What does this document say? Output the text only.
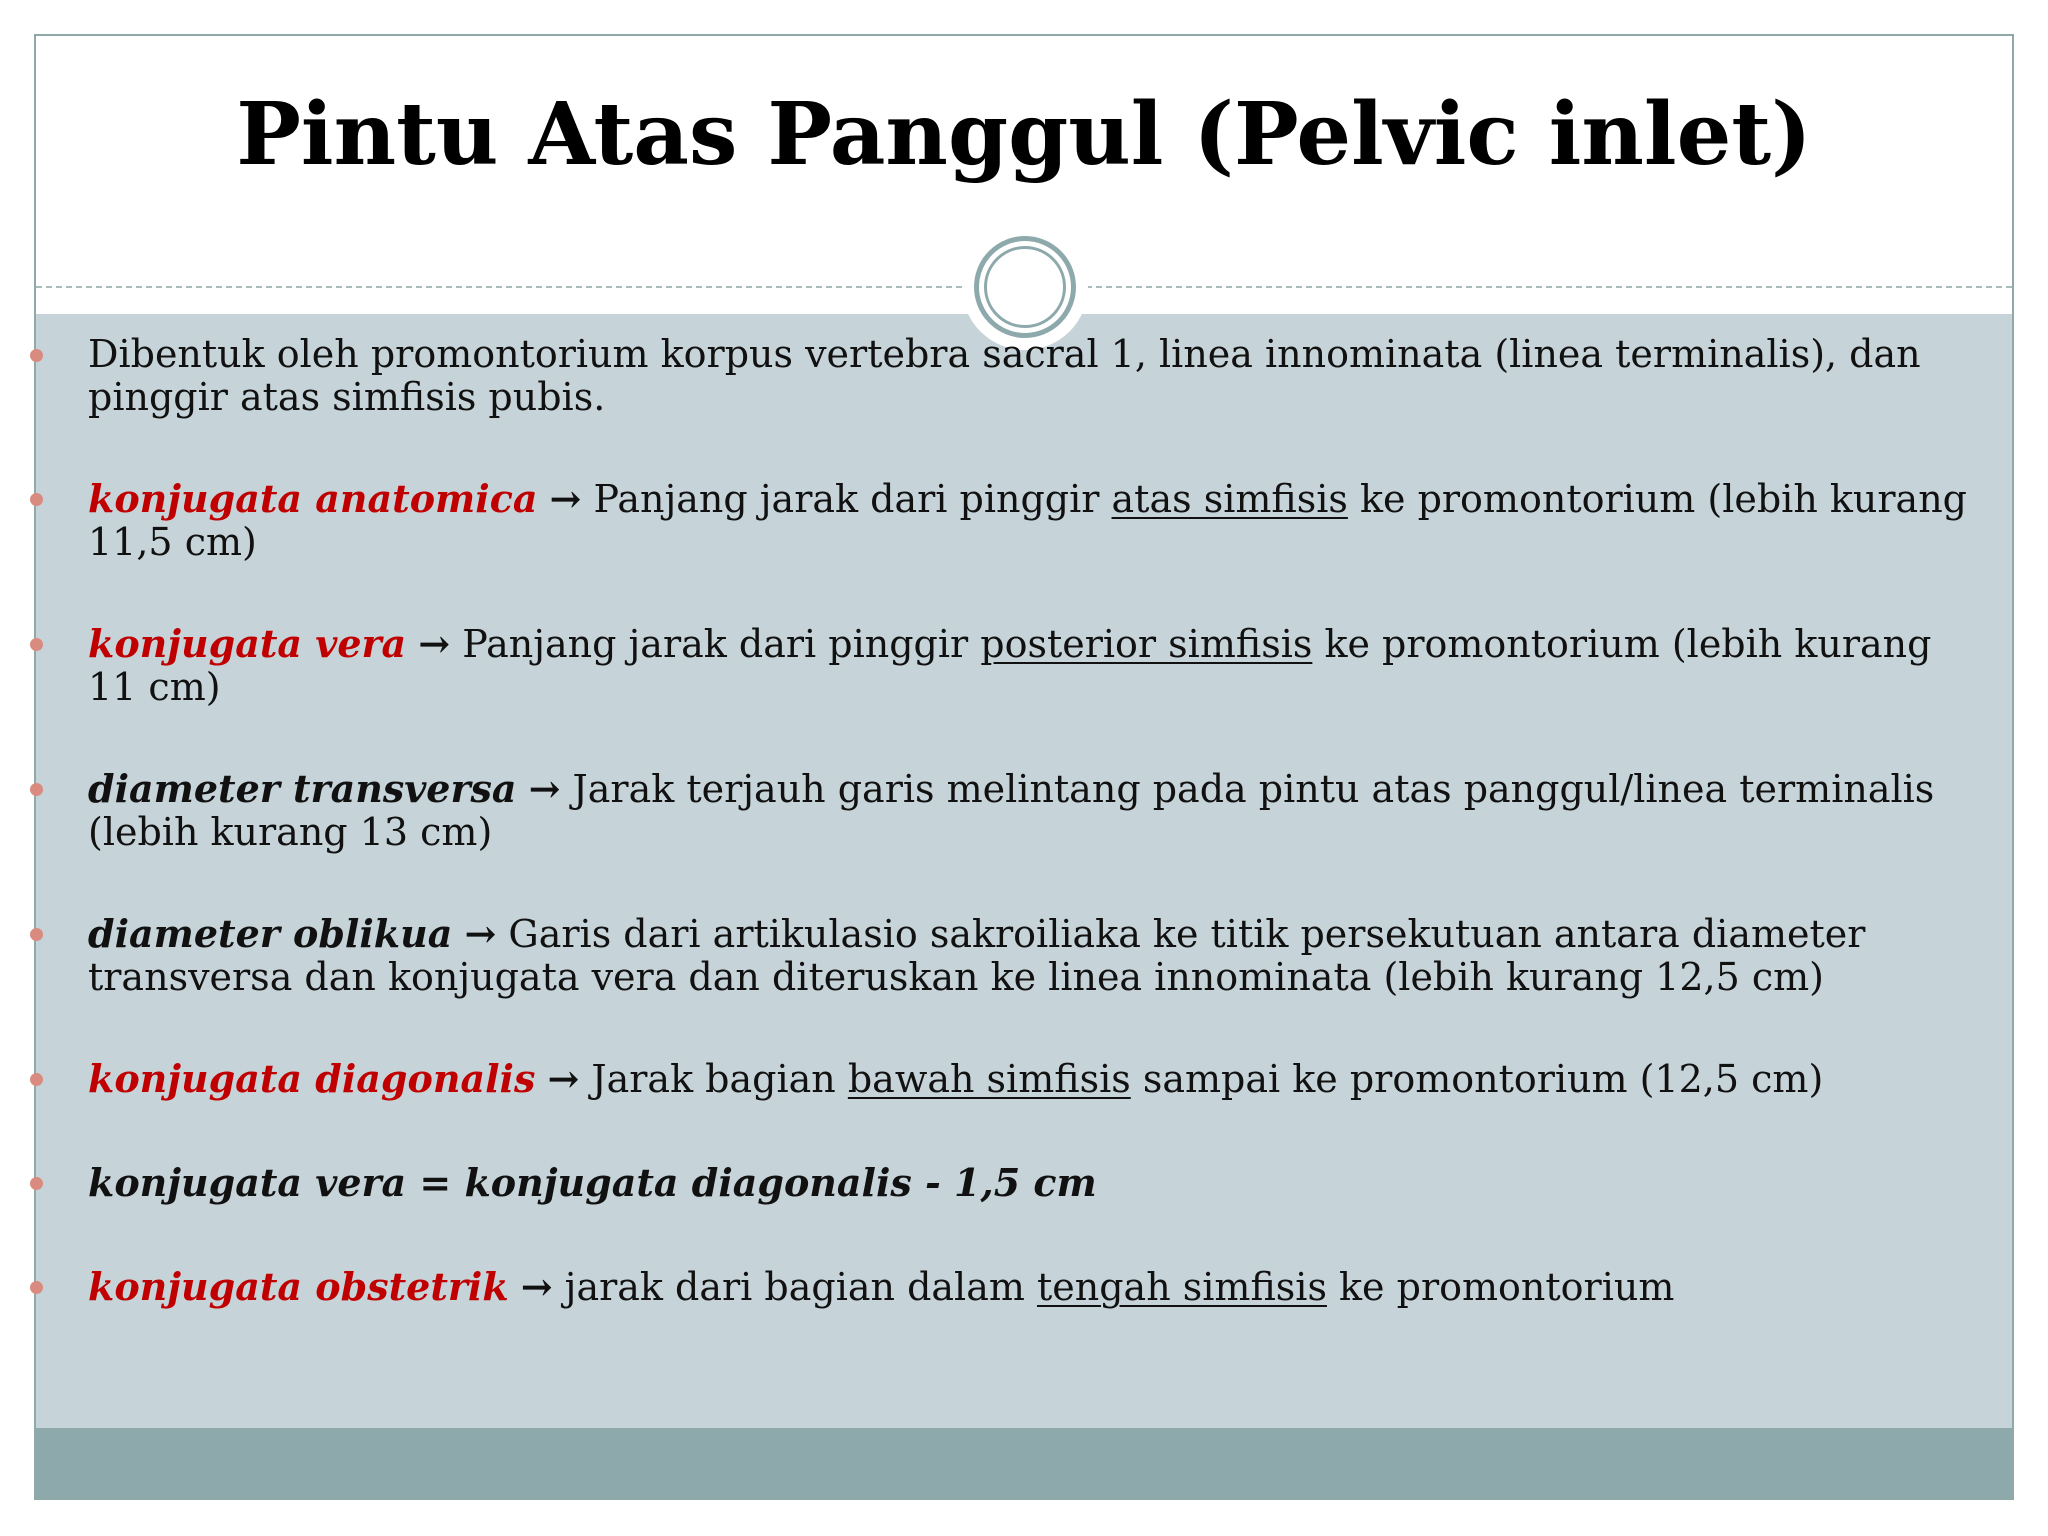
Pintu Atas Panggul (Pelvic inlet)
Dibentuk oleh promontorium korpus vertebra sacral 1, linea innominata (linea terminalis), dan pinggir atas simfisis pubis.
konjugata anatomica → Panjang jarak dari pinggir atas simfisis ke promontorium (lebih kurang 11,5 cm)
konjugata vera → Panjang jarak dari pinggir posterior simfisis ke promontorium (lebih kurang 11 cm)
diameter transversa → Jarak terjauh garis melintang pada pintu atas panggul/linea terminalis (lebih kurang 13 cm)
diameter oblikua → Garis dari artikulasio sakroiliaka ke titik persekutuan antara diameter transversa dan konjugata vera dan diteruskan ke linea innominata (lebih kurang 12,5 cm)
konjugata diagonalis → Jarak bagian bawah simfisis sampai ke promontorium (12,5 cm)
konjugata vera = konjugata diagonalis - 1,5 cm
konjugata obstetrik → jarak dari bagian dalam tengah simfisis ke promontorium
